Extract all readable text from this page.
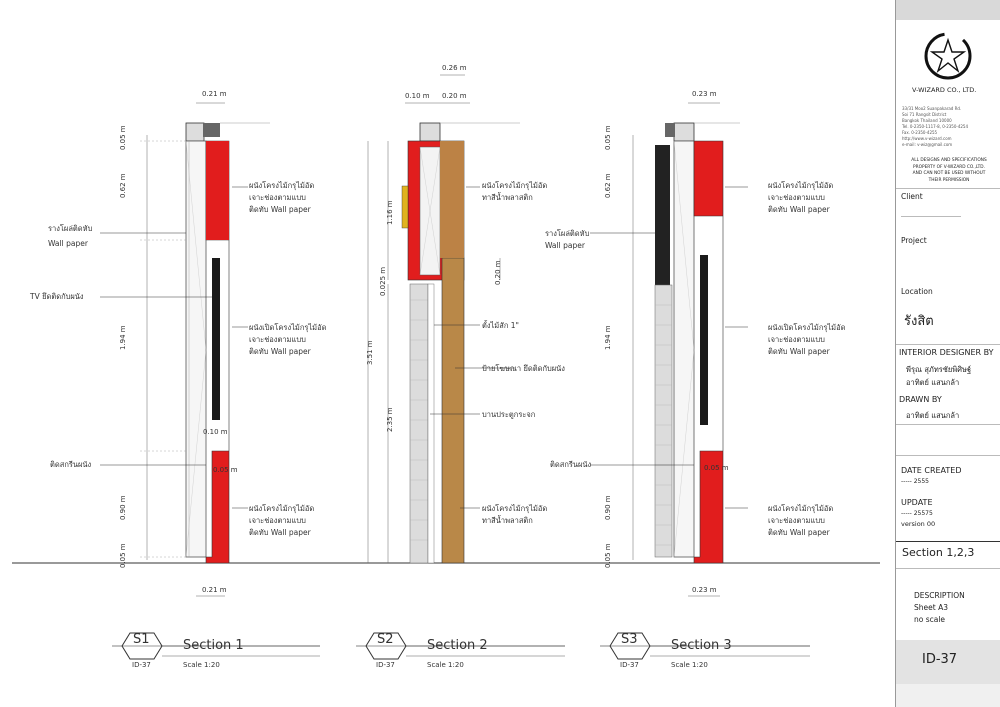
0.21 m
0.21 m
0.05 m
0.62 m
1.94 m
0.90 m
0.05 m
0.10 m
0.05 m
รางโผล่ติดหับ
Wall paper
TV ยึดติดกับผนัง
ติดสกรีนผนัง
ผนังโครงไม้กรุไม้อัด
เจาะช่องตามแบบ
ติดทับ Wall paper
ผนังเปิดโครงไม้กรุไม้อัด
เจาะช่องตามแบบ
ติดทับ Wall paper
ผนังโครงไม้กรุไม้อัด
เจาะช่องตามแบบ
ติดทับ Wall paper
0.26 m
0.10 m 0.20 m
1.16 m
0.025 m	0.20 m
3.51 m
2.35 m
ผนังโครงไม้กรุไม้อัด
ทาสีน้ำพลาสติก
ตั้งไม้สัก 1"
ป้ายโฆษณา ยึดติดกับผนัง
บานประตูกระจก
ผนังโครงไม้กรุไม้อัด
ทาสีน้ำพลาสติก
0.23 m
0.23 m
0.05 m
0.62 m
1.94 m
0.90 m
0.05 m
0.05 m
รางโผล่ติดหับ
Wall paper
ติดสกรีนผนัง
ผนังโครงไม้กรุไม้อัด
เจาะช่องตามแบบ
ติดทับ Wall paper
ผนังเปิดโครงไม้กรุไม้อัด
เจาะช่องตามแบบ
ติดทับ Wall paper
ผนังโครงไม้กรุไม้อัด
เจาะช่องตามแบบ
ติดทับ Wall paper
S1
ID-37
Section 1
Scale 1:20
S2
ID-37
Section 2
Scale 1:20
S3
ID-37
Section 3
Scale 1:20
V-WIZARD CO., LTD.
33/31 Moo2 Suanpakarad Rd.
Soi 71 Rangsit District
Bangkok Thailand 10000
Tel. 0-2350-1117-8, 0-2350-4254
Fax. 0-2350-4255
http://www.v-wizard.com
e-mail: v-wiz@gmail.com
ALL DESIGNS AND SPECIFICATIONS
PROPERTY OF V-WIZARD CO.,LTD.
AND CAN NOT BE USED WITHOUT
THEIR PERMISSION
Client
Project
Location
รังสิต
INTERIOR DESIGNER BY
พีรุณ สุภัทรชัยพิศิษฐ์
อาทิตย์ แสนกล้า
DRAWN BY
อาทิตย์ แสนกล้า
DATE CREATED
----- 2555
UPDATE
----- 25575
version 00
Section 1,2,3
DESCRIPTION
Sheet A3
no scale
ID-37
